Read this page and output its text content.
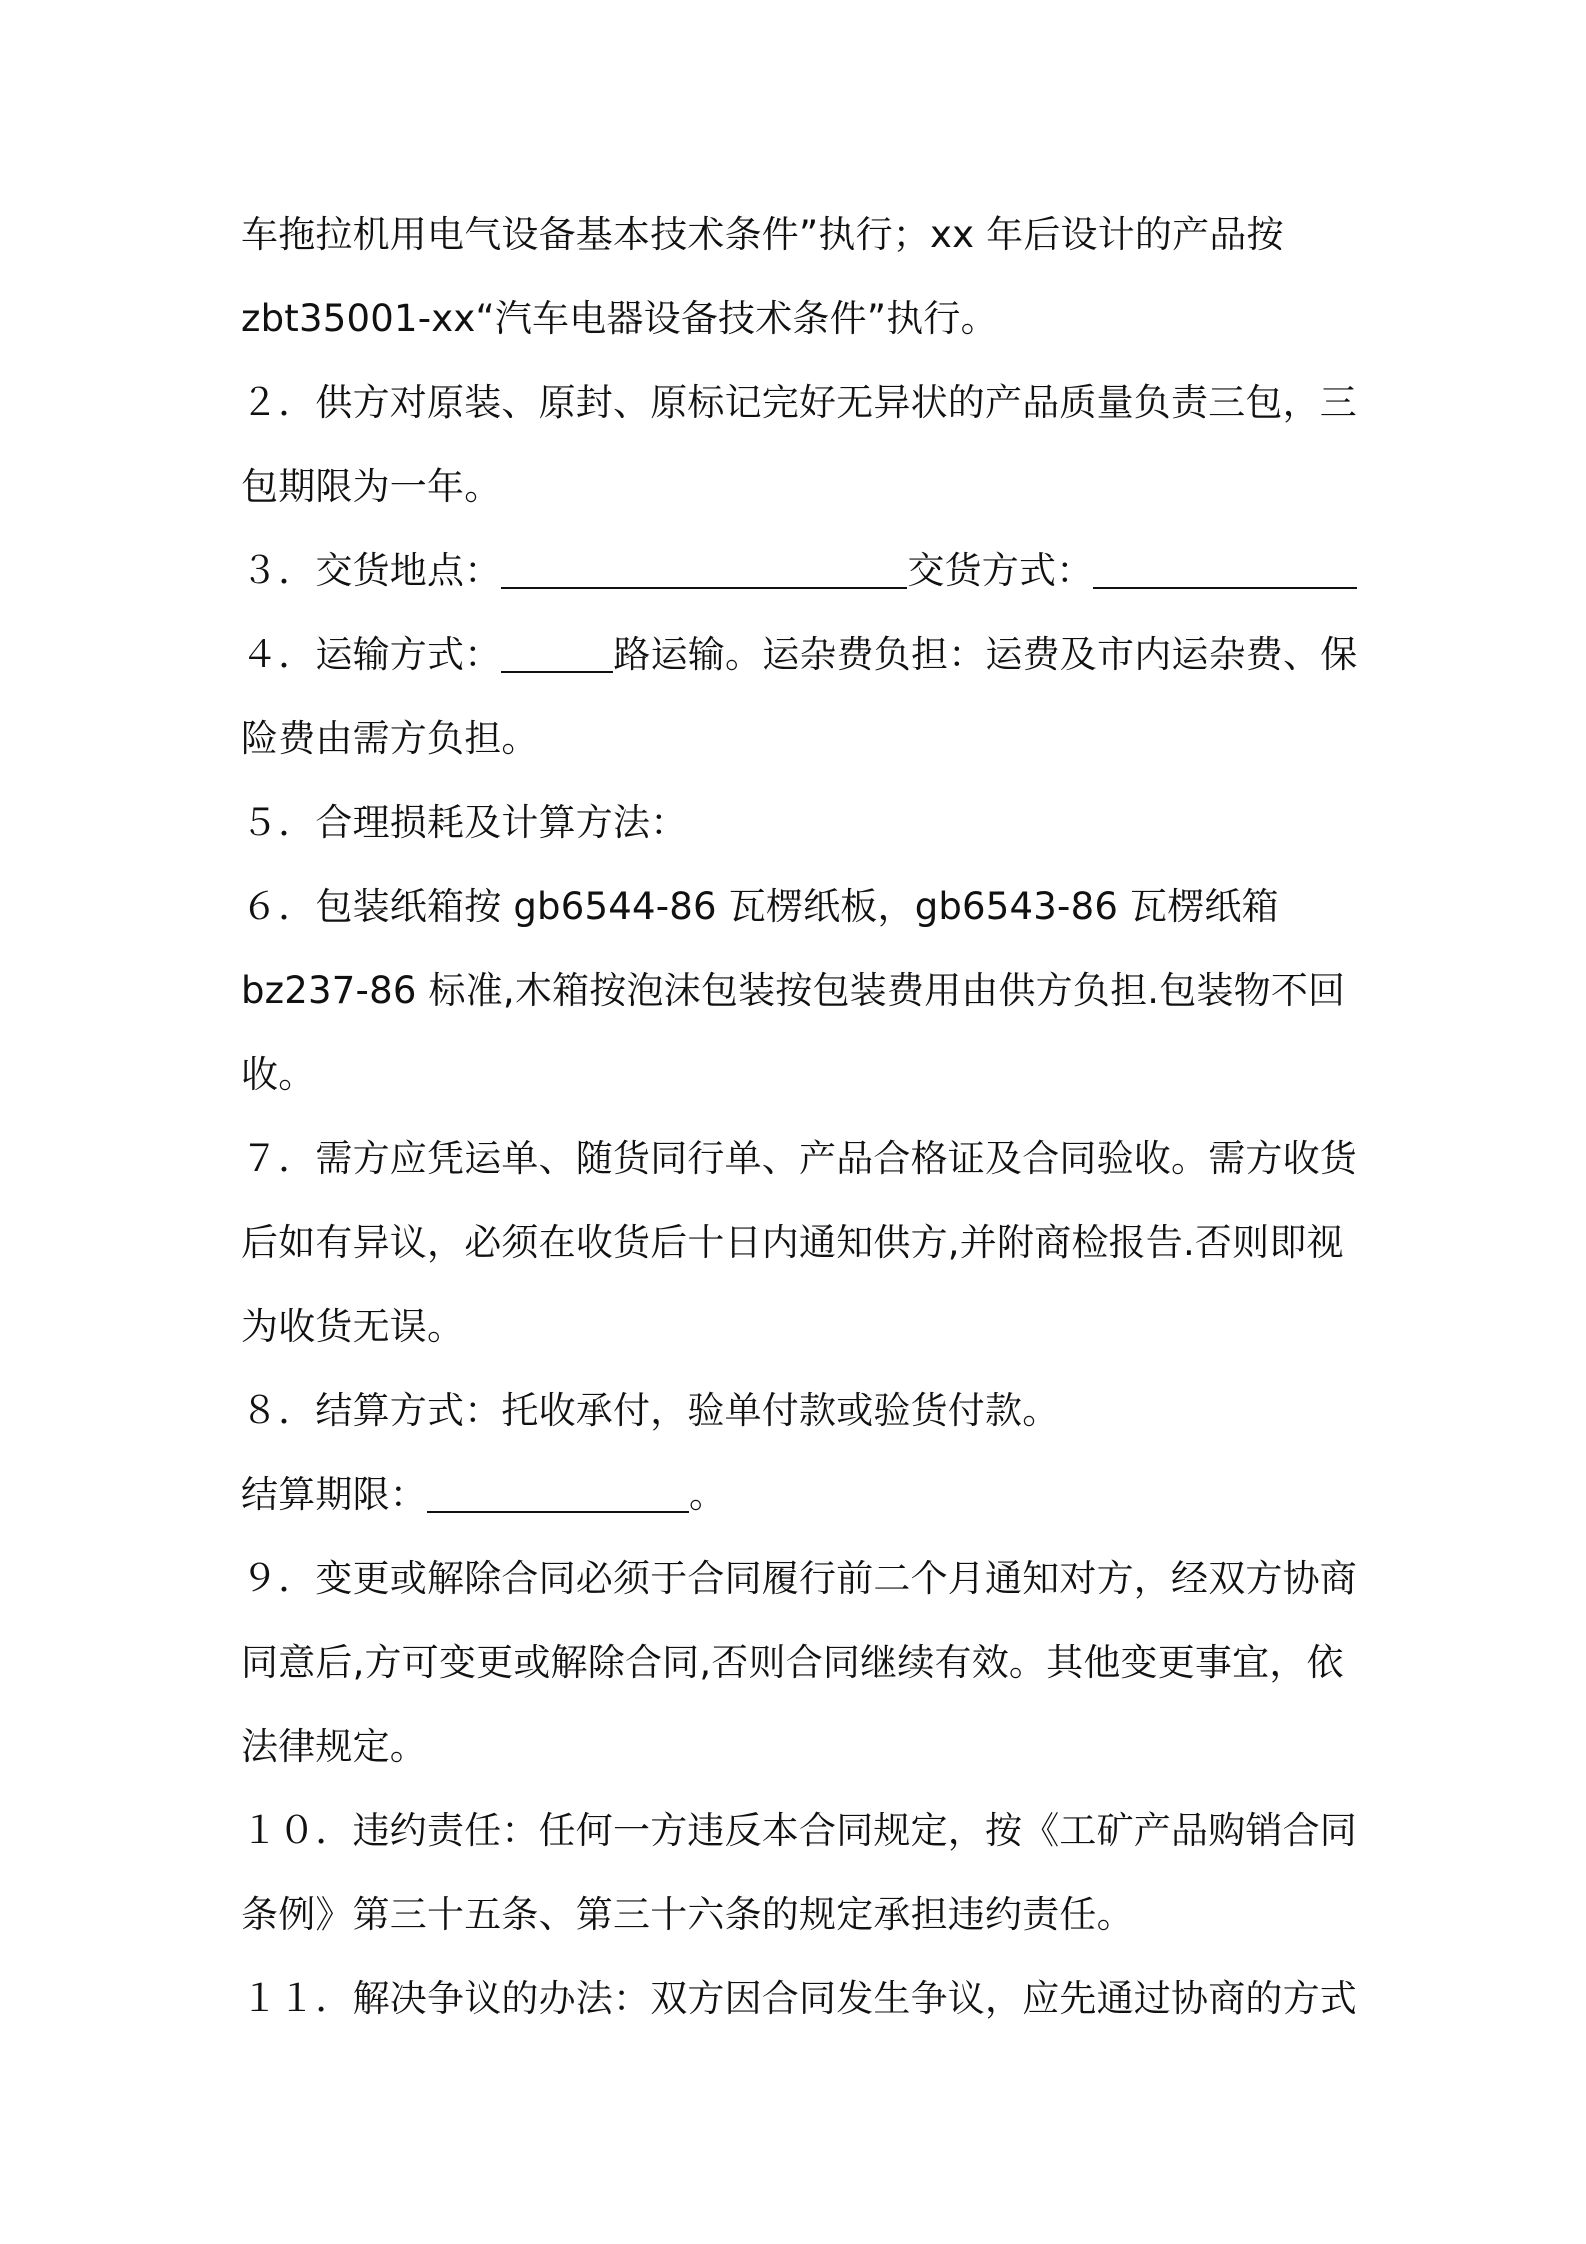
车拖拉机用电气设备基本技术条件”执行；xx 年后设计的产品按
zbt35001-xx“汽车电器设备技术条件”执行。
２．供方对原装、原封、原标记完好无异状的产品质量负责三包，三
包期限为一年。
３．交货地点：	交货方式：
４．运输方式：	路运输。运杂费负担：运费及市内运杂费、保
险费由需方负担。
５．合理损耗及计算方法：
６．包装纸箱按 gb6544-86 瓦楞纸板，gb6543-86 瓦楞纸箱
bz237-86 标准,木箱按泡沫包装按包装费用由供方负担.包装物不回
收。
７．需方应凭运单、随货同行单、产品合格证及合同验收。需方收货
后如有异议，必须在收货后十日内通知供方,并附商检报告.否则即视
为收货无误。
８．结算方式：托收承付，验单付款或验货付款。
结算期限：	。
９．变更或解除合同必须于合同履行前二个月通知对方，经双方协商
同意后,方可变更或解除合同,否则合同继续有效。其他变更事宜，依
法律规定。
１０．违约责任：任何一方违反本合同规定，按《工矿产品购销合同
条例》第三十五条、第三十六条的规定承担违约责任。
１１．解决争议的办法：双方因合同发生争议，应先通过协商的方式
